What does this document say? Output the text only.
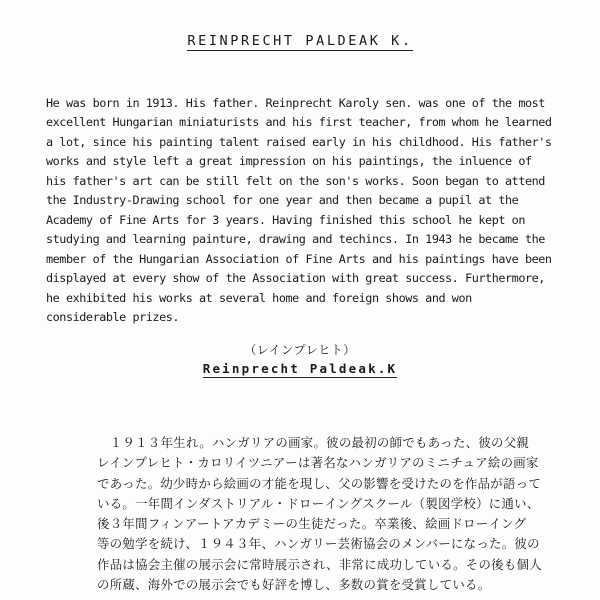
REINPRECHT PALDEAK K.
He was born in 1913. His father. Reinprecht Karoly sen. was one of the most
excellent Hungarian miniaturists and his first teacher, from whom he learned
a lot, since his painting talent raised early in his childhood. His father's
works and style left a great impression on his paintings, the inluence of
his father's art can be still felt on the son's works. Soon began to attend
the Industry-Drawing school for one year and then became a pupil at the
Academy of Fine Arts for 3 years. Having finished this school he kept on
studying and learning painture, drawing and techincs. In 1943 he became the
member of the Hungarian Association of Fine Arts and his paintings have been
displayed at every show of the Association with great success. Furthermore,
he exhibited his works at several home and foreign shows and won
considerable prizes.
（レインプレヒト）
Reinprecht Paldeak.K
　１９１３年生れ。ハンガリアの画家。彼の最初の師でもあった、彼の父親
レインプレヒト・カロリイツニアーは著名なハンガリアのミニチュア絵の画家
であった。幼少時から絵画の才能を現し、父の影響を受けたのを作品が語って
いる。一年間インダストリアル・ドローイングスクール（製図学校）に通い、
後３年間フィンアートアカデミーの生徒だった。卒業後、絵画ドローイング
等の勉学を続け、１９４３年、ハンガリー芸術協会のメンバーになった。彼の
作品は協会主催の展示会に常時展示され、非常に成功している。その後も個人
の所蔵、海外での展示会でも好評を博し、多数の賞を受賞している。
